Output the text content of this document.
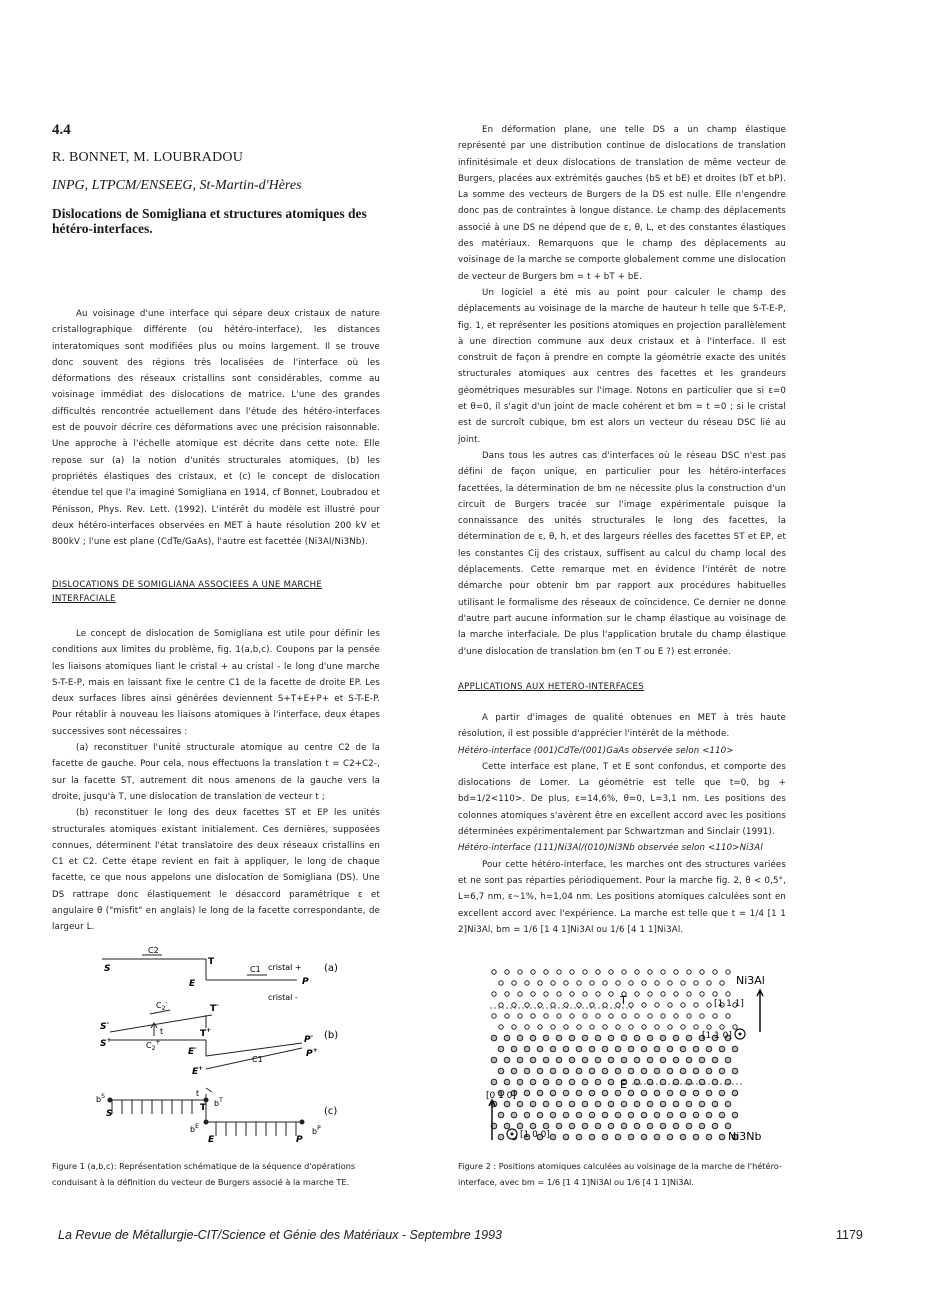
4.4
R. BONNET, M. LOUBRADOU
INPG, LTPCM/ENSEEG, St-Martin-d'Hères
Dislocations de Somigliana et structures atomiques des hétéro-interfaces.

Au voisinage d'une interface qui sépare deux cristaux de nature cristallographique différente (ou hétéro-interface), les distances interatomiques sont modifiées plus ou moins largement. Il se trouve donc souvent des régions très localisées de l'interface où les déformations des réseaux cristallins sont considérables, comme au voisinage immédiat des dislocations de matrice. L'une des grandes difficultés rencontrée actuellement dans l'étude des hétéro-interfaces est de pouvoir décrire ces déformations avec une précision raisonnable. Une approche à l'échelle atomique est décrite dans cette note. Elle repose sur (a) la notion d'unités structurales atomiques, (b) les propriétés élastiques des cristaux, et (c) le concept de dislocation étendue tel que l'a imaginé Somigliana en 1914, cf Bonnet, Loubradou et Pénisson, Phys. Rev. Lett. (1992). L'intérêt du modèle est illustré pour deux hétéro-interfaces observées en MET à haute résolution 200 kV et 800kV ; l'une est plane (CdTe/GaAs), l'autre est facettée (Ni3Al/Ni3Nb).

DISLOCATIONS DE SOMIGLIANA ASSOCIEES A UNE MARCHE INTERFACIALE

Le concept de dislocation de Somigliana est utile pour définir les conditions aux limites du problème, fig. 1(a,b,c). Coupons par la pensée les liaisons atomiques liant le cristal + au cristal - le long d'une marche S-T-E-P, mais en laissant fixe le centre C1 de la facette de droite EP. Les deux surfaces libres ainsi générées deviennent S+T+E+P+ et S-T-E-P. Pour rétablir à nouveau les liaisons atomiques à l'interface, deux étapes successives sont nécessaires :

(a) reconstituer l'unité structurale atomique au centre C2 de la facette de gauche. Pour cela, nous effectuons la translation t = C2+C2-, sur la facette ST, autrement dit nous amenons de la gauche vers la droite, jusqu'à T, une dislocation de translation de vecteur t ;

(b) reconstituer le long des deux facettes ST et EP les unités structurales atomiques existant initialement. Ces dernières, supposées connues, déterminent l'état translatoire des deux réseaux cristallins en C1 et C2. Cette étape revient en fait à appliquer, le long de chaque facette, ce que nous appelons une dislocation de Somigliana (DS). Une DS rattrape donc élastiquement le désaccord paramétrique ε et angulaire θ ("misfit" en anglais) le long de la facette correspondante, de largeur L.

S
C2
T
E
C1 cristal +
P
(a)
cristal -
S-
S+
$C_2^-$
$C_2^+$
t
T-
T+
E-
E+
C1
P-
P+
(b)
$b^S$
S
t
T $b^T$
$b^E$
E	P
$b^P$
(c)
Figure 1 (a,b,c): Représentation schématique de la séquence d'opérations conduisant à la définition du vecteur de Burgers associé à la marche TE.

En déformation plane, une telle DS a un champ élastique représenté par une distribution continue de dislocations de translation infinitésimale et deux dislocations de translation de même vecteur de Burgers, placées aux extrémités gauches (bS et bE) et droites (bT et bP). La somme des vecteurs de Burgers de la DS est nulle. Elle n'engendre donc pas de contraintes à longue distance. Le champ des déplacements associé à une DS ne dépend que de ε, θ, L, et des constantes élastiques des matériaux. Remarquons que le champ des déplacements au voisinage de la marche se comporte globalement comme une dislocation de vecteur de Burgers bm = t + bT + bE.

Un logiciel a été mis au point pour calculer le champ des déplacements au voisinage de la marche de hauteur h telle que S-T-E-P, fig. 1, et représenter les positions atomiques en projection parallèlement à une direction commune aux deux cristaux et à l'interface. Il est construit de façon à prendre en compte la géométrie exacte des unités structurales atomiques aux centres des facettes et les grandeurs géométriques mesurables sur l'image. Notons en particulier que si ε=0 et θ=0, il s'agit d'un joint de macle cohérent et bm = t =0 ; si le cristal est de surcroît cubique, bm est alors un vecteur du réseau DSC lié au joint.

Dans tous les autres cas d'interfaces où le réseau DSC n'est pas défini de façon unique, en particulier pour les hétéro-interfaces facettées, la détermination de bm ne nécessite plus la construction d'un circuit de Burgers tracée sur l'image expérimentale puisque la connaissance des unités structurales le long des facettes, la détermination de ε, θ, h, et des largeurs réelles des facettes ST et EP, et les constantes Cij des cristaux, suffisent au calcul du champ local des déplacements. Cette remarque met en évidence l'intérêt de notre démarche pour obtenir bm par rapport aux procédures habituelles utilisant le formalisme des réseaux de coïncidence. Ce dernier ne donne d'autre part aucune information sur le champ élastique au voisinage de la marche interfaciale. De plus l'application brutale du champ élastique d'une dislocation de translation bm (en T ou E ?) est erronée.

APPLICATIONS AUX HETERO-INTERFACES

A partir d'images de qualité obtenues en MET à très haute résolution, il est possible d'apprécier l'intérêt de la méthode.

Hétéro-interface (001)CdTe/(001)GaAs observée selon <110>

Cette interface est plane, T et E sont confondus, et comporte des dislocations de Lomer. La géométrie est telle que t=0, bg + bd=1/2<110>. De plus, ε=14,6%, θ=0, L=3,1 nm. Les positions des colonnes atomiques s'avèrent être en excellent accord avec les positions déterminées expérimentalement par Schwartzman and Sinclair (1991).

Hétéro-interface (111)Ni3Al/(010)Ni3Nb observée selon <110>Ni3Al

Pour cette hétéro-interface, les marches ont des structures variées et ne sont pas réparties périodiquement. Pour la marche fig. 2, θ < 0,5°, L=6,7 nm, ε~1%, h=1,04 nm. Les positions atomiques calculées sont en excellent accord avec l'expérience. La marche est telle que t = 1/4 [1 1 2]Ni3Al, bm = 1/6 [1 4 1]Ni3Al ou 1/6 [4 1 1]Ni3Al.

Ni3Al
Ni3Nb
[1 1 1]
[1 1 0]
[0 1 0]
[1 0 0]
T
E
Figure 2 : Positions atomiques calculées au voisinage de la marche de l'hétéro-interface, avec bm = 1/6 [1 4 1]Ni3Al ou 1/6 [4 1 1]Ni3Al.
La Revue de Métallurgie-CIT/Science et Génie des Matériaux - Septembre 1993	1179
